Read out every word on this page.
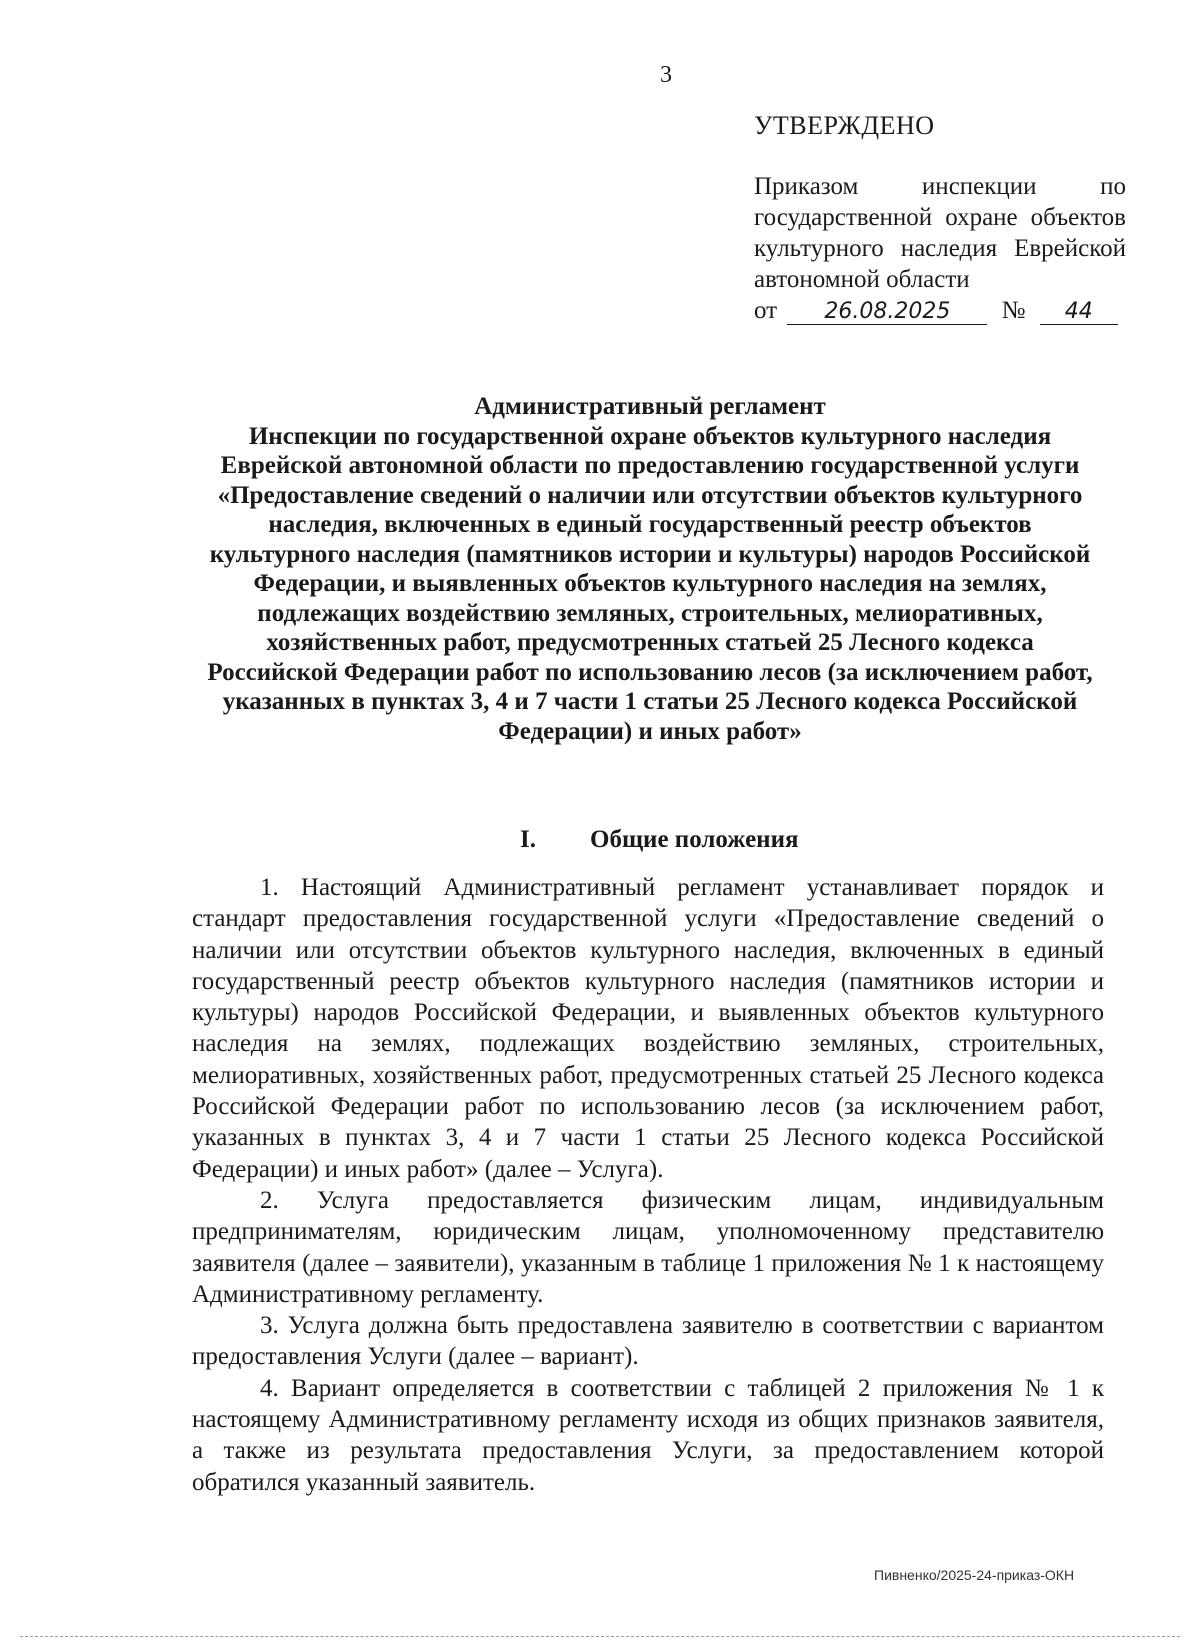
3
УТВЕРЖДЕНО
Приказом инспекции по государственной охране объектов культурного наследия Еврейской автономной области
от 26.08.2025 № 44
Административный регламент
Инспекции по государственной охране объектов культурного наследия Еврейской автономной области по предоставлению государственной услуги «Предоставление сведений о наличии или отсутствии объектов культурного наследия, включенных в единый государственный реестр объектов культурного наследия (памятников истории и культуры) народов Российской Федерации, и выявленных объектов культурного наследия на землях, подлежащих воздействию земляных, строительных, мелиоративных, хозяйственных работ, предусмотренных статьей 25 Лесного кодекса Российской Федерации работ по использованию лесов (за исключением работ, указанных в пунктах 3, 4 и 7 части 1 статьи 25 Лесного кодекса Российской Федерации) и иных работ»
I. Общие положения

1. Настоящий Административный регламент устанавливает порядок и стандарт предоставления государственной услуги «Предоставление сведений о наличии или отсутствии объектов культурного наследия, включенных в единый государственный реестр объектов культурного наследия (памятников истории и культуры) народов Российской Федерации, и выявленных объектов культурного наследия на землях, подлежащих воздействию земляных, строительных, мелиоративных, хозяйственных работ, предусмотренных статьей 25 Лесного кодекса Российской Федерации работ по использованию лесов (за исключением работ, указанных в пунктах 3, 4 и 7 части 1 статьи 25 Лесного кодекса Российской Федерации) и иных работ» (далее – Услуга).

2. Услуга предоставляется физическим лицам, индивидуальным предпринимателям, юридическим лицам, уполномоченному представителю заявителя (далее – заявители), указанным в таблице 1 приложения № 1 к настоящему Административному регламенту.

3. Услуга должна быть предоставлена заявителю в соответствии с вариантом предоставления Услуги (далее – вариант).

4. Вариант определяется в соответствии с таблицей 2 приложения № 1 к настоящему Административному регламенту исходя из общих признаков заявителя, а также из результата предоставления Услуги, за предоставлением которой обратился указанный заявитель.

Пивненко/2025-24-приказ-ОКН
